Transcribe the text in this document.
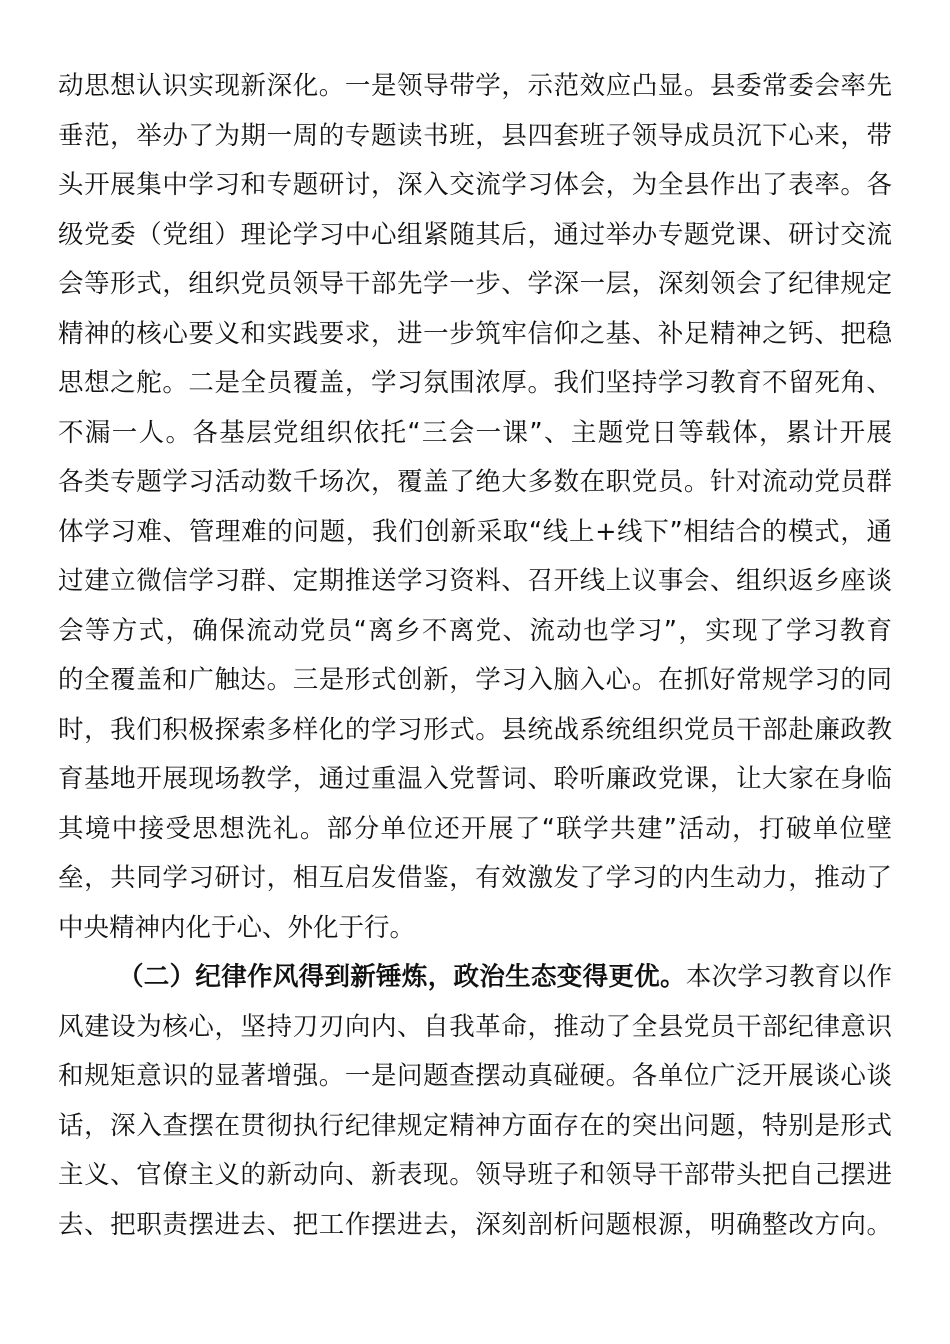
动思想认识实现新深化。一是领导带学，示范效应凸显。县委常委会率先
垂范，举办了为期一周的专题读书班，县四套班子领导成员沉下心来，带
头开展集中学习和专题研讨，深入交流学习体会，为全县作出了表率。各
级党委（党组）理论学习中心组紧随其后，通过举办专题党课、研讨交流
会等形式，组织党员领导干部先学一步、学深一层，深刻领会了纪律规定
精神的核心要义和实践要求，进一步筑牢信仰之基、补足精神之钙、把稳
思想之舵。二是全员覆盖，学习氛围浓厚。我们坚持学习教育不留死角、
不漏一人。各基层党组织依托“三会一课”、主题党日等载体，累计开展
各类专题学习活动数千场次，覆盖了绝大多数在职党员。针对流动党员群
体学习难、管理难的问题，我们创新采取“线上+线下”相结合的模式，通
过建立微信学习群、定期推送学习资料、召开线上议事会、组织返乡座谈
会等方式，确保流动党员“离乡不离党、流动也学习”，实现了学习教育
的全覆盖和广触达。三是形式创新，学习入脑入心。在抓好常规学习的同
时，我们积极探索多样化的学习形式。县统战系统组织党员干部赴廉政教
育基地开展现场教学，通过重温入党誓词、聆听廉政党课，让大家在身临
其境中接受思想洗礼。部分单位还开展了“联学共建”活动，打破单位壁
垒，共同学习研讨，相互启发借鉴，有效激发了学习的内生动力，推动了
中央精神内化于心、外化于行。
（二）纪律作风得到新锤炼，政治生态变得更优。本次学习教育以作
风建设为核心，坚持刀刃向内、自我革命，推动了全县党员干部纪律意识
和规矩意识的显著增强。一是问题查摆动真碰硬。各单位广泛开展谈心谈
话，深入查摆在贯彻执行纪律规定精神方面存在的突出问题，特别是形式
主义、官僚主义的新动向、新表现。领导班子和领导干部带头把自己摆进
去、把职责摆进去、把工作摆进去，深刻剖析问题根源，明确整改方向。
